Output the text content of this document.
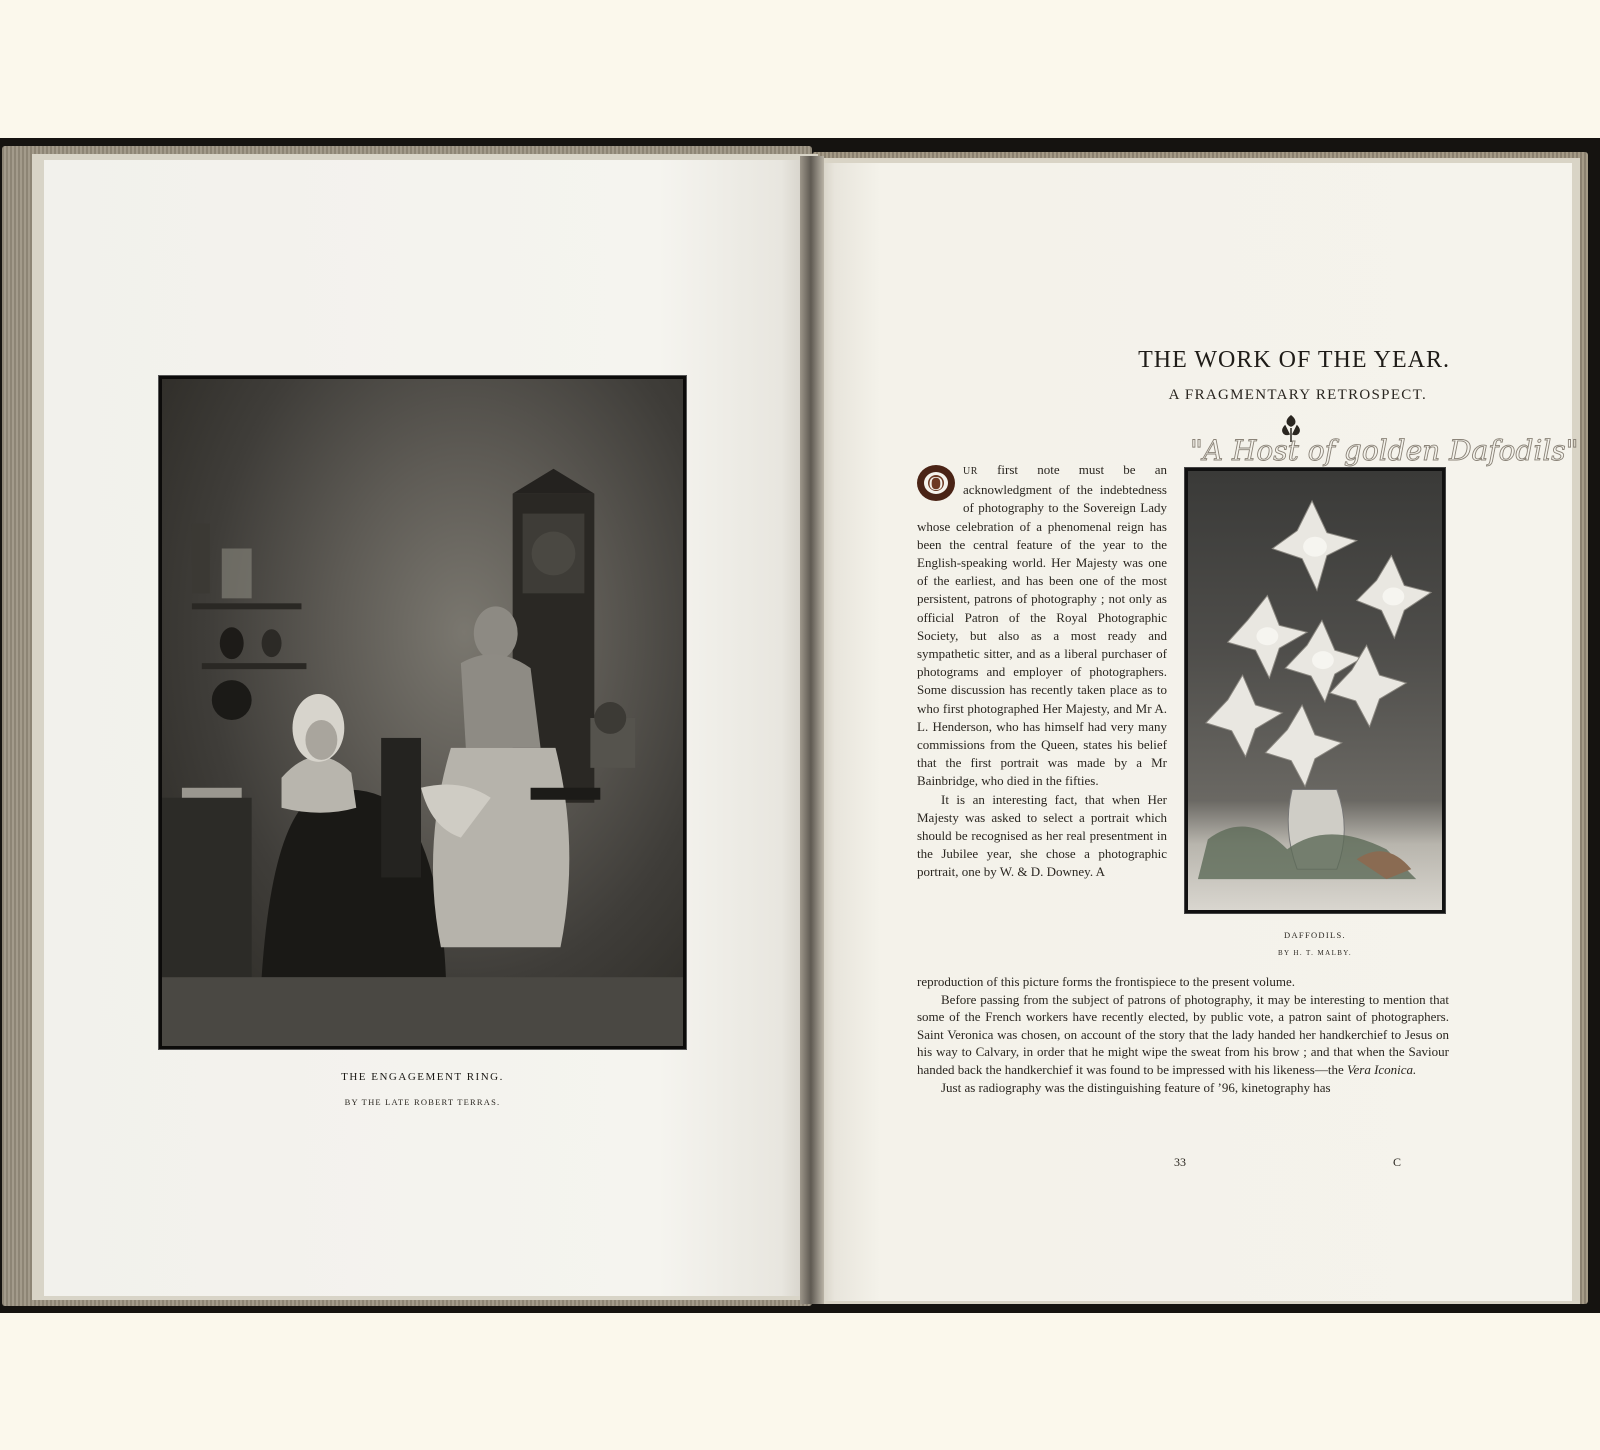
THE ENGAGEMENT RING.
BY THE LATE ROBERT TERRAS.
THE WORK OF THE YEAR.
A FRAGMENTARY RETROSPECT.
"A Host of golden Dafodils"
O

UR first note must be an acknowledgment of the indebtedness of photography to the Sovereign Lady whose celebration of a phenomenal reign has been the central feature of the year to the English-speaking world. Her Majesty was one of the earliest, and has been one of the most persistent, patrons of photography ; not only as official Patron of the Royal Photographic Society, but also as a most ready and sympathetic sitter, and as a liberal purchaser of photograms and employer of photographers. Some discussion has recently taken place as to who first photographed Her Majesty, and Mr A. L. Henderson, who has himself had very many commissions from the Queen, states his belief that the first portrait was made by a Mr Bainbridge, who died in the fifties.

It is an interesting fact, that when Her Majesty was asked to select a portrait which should be recognised as her real presentment in the Jubilee year, she chose a photographic portrait, one by W. & D. Downey. A

DAFFODILS.
BY H. T. MALBY.

reproduction of this picture forms the frontispiece to the present volume.

Before passing from the subject of patrons of photography, it may be interesting to mention that some of the French workers have recently elected, by public vote, a patron saint of photographers. Saint Veronica was chosen, on account of the story that the lady handed her handkerchief to Jesus on his way to Calvary, in order that he might wipe the sweat from his brow ; and that when the Saviour handed back the handkerchief it was found to be impressed with his likeness—the Vera Iconica.

Just as radiography was the distinguishing feature of ’96, kinetography has

33	C
